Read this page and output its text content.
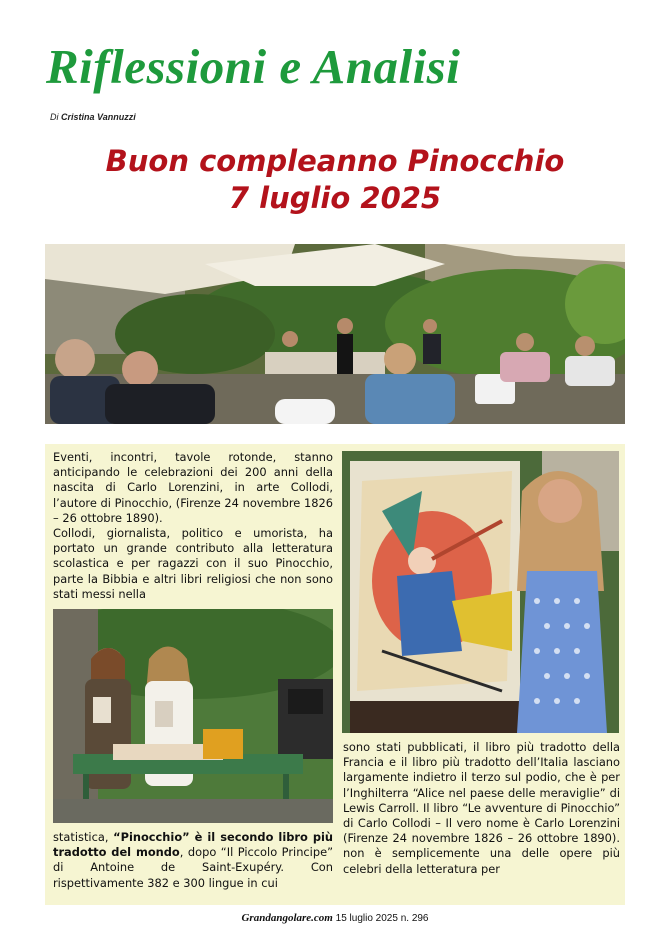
Riflessioni e Analisi
Di Cristina Vannuzzi
Buon compleanno Pinocchio
7 luglio 2025

Eventi, incontri, tavole rotonde, stanno anticipando le celebrazioni dei 200 anni della nascita di Carlo Lorenzini, in arte Collodi, l’autore di Pinocchio, (Firenze 24 novembre 1826 – 26 ottobre 1890).

Collodi, giornalista, politico e umorista, ha portato un grande contributo alla letteratura scolastica e per ragazzi con il suo Pinocchio, parte la Bibbia e altri libri religiosi che non sono stati messi nella

statistica, “Pinocchio” è il secondo libro più tradotto del mondo, dopo “Il Piccolo Principe” di Antoine de Saint-Exupéry. Con rispettivamente 382 e 300 lingue in cui

sono stati pubblicati, il libro più tradotto della Francia e il libro più tradotto dell’Italia lasciano largamente indietro il terzo sul podio, che è per l’Inghilterra “Alice nel paese delle meraviglie” di Lewis Carroll. Il libro “Le avventure di Pinocchio” di Carlo Collodi – Il vero nome è Carlo Lorenzini (Firenze 24 novembre 1826 – 26 ottobre 1890). non è semplicemente una delle opere più celebri della letteratura per

Grandangolare.com 15 luglio 2025 n. 296
